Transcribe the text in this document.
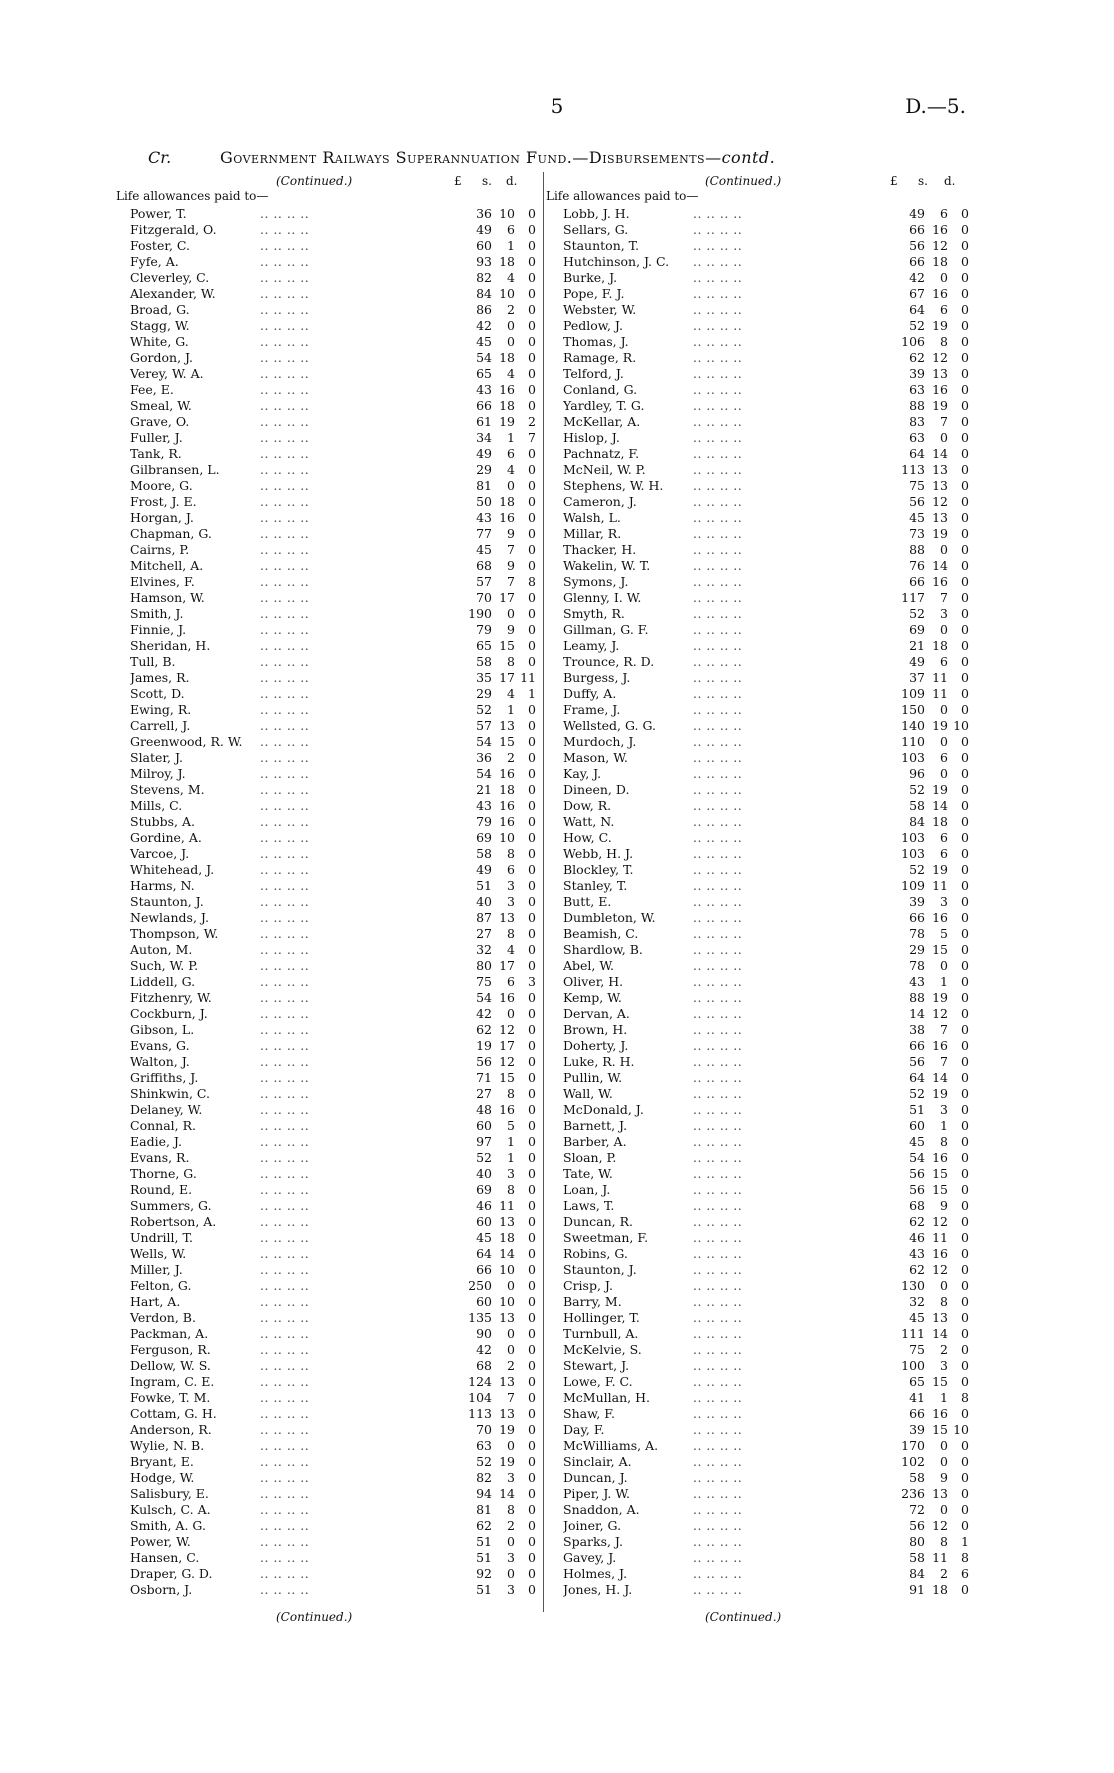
5	D.—5.
Cr.	Government Railways Superannuation Fund.—Disbursements—contd.
(Continued.)	£ s. d.
Life allowances paid to—
(Continued.)	£ s. d.
Life allowances paid to—
Power, T.	.. .. .. ..	36 10	0
Fitzgerald, O.	.. .. .. ..	49	6	0
Foster, C.	.. .. .. ..	60	1	0
Fyfe, A.	.. .. .. ..	93 18	0
Cleverley, C.	.. .. .. ..	82	4	0
Alexander, W.	.. .. .. ..	84 10	0
Broad, G.	.. .. .. ..	86	2	0
Stagg, W.	.. .. .. ..	42	0	0
White, G.	.. .. .. ..	45	0	0
Gordon, J.	.. .. .. ..	54 18	0
Verey, W. A.	.. .. .. ..	65	4	0
Fee, E.	.. .. .. ..	43 16	0
Smeal, W.	.. .. .. ..	66 18	0
Grave, O.	.. .. .. ..	61 19	2
Fuller, J.	.. .. .. ..	34	1	7
Tank, R.	.. .. .. ..	49	6	0
Gilbransen, L.	.. .. .. ..	29	4	0
Moore, G.	.. .. .. ..	81	0	0
Frost, J. E.	.. .. .. ..	50 18	0
Horgan, J.	.. .. .. ..	43 16	0
Chapman, G.	.. .. .. ..	77	9	0
Cairns, P.	.. .. .. ..	45	7	0
Mitchell, A.	.. .. .. ..	68	9	0
Elvines, F.	.. .. .. ..	57	7	8
Hamson, W.	.. .. .. ..	70 17	0
Smith, J.	.. .. .. ..	190	0	0
Finnie, J.	.. .. .. ..	79	9	0
Sheridan, H.	.. .. .. ..	65 15	0
Tull, B.	.. .. .. ..	58	8	0
James, R.	.. .. .. ..	35 17 11
Scott, D.	.. .. .. ..	29	4	1
Ewing, R.	.. .. .. ..	52	1	0
Carrell, J.	.. .. .. ..	57 13	0
Greenwood, R. W.	.. .. .. ..	54 15	0
Slater, J.	.. .. .. ..	36	2	0
Milroy, J.	.. .. .. ..	54 16	0
Stevens, M.	.. .. .. ..	21 18	0
Mills, C.	.. .. .. ..	43 16	0
Stubbs, A.	.. .. .. ..	79 16	0
Gordine, A.	.. .. .. ..	69 10	0
Varcoe, J.	.. .. .. ..	58	8	0
Whitehead, J.	.. .. .. ..	49	6	0
Harms, N.	.. .. .. ..	51	3	0
Staunton, J.	.. .. .. ..	40	3	0
Newlands, J.	.. .. .. ..	87 13	0
Thompson, W.	.. .. .. ..	27	8	0
Auton, M.	.. .. .. ..	32	4	0
Such, W. P.	.. .. .. ..	80 17	0
Liddell, G.	.. .. .. ..	75	6	3
Fitzhenry, W.	.. .. .. ..	54 16	0
Cockburn, J.	.. .. .. ..	42	0	0
Gibson, L.	.. .. .. ..	62 12	0
Evans, G.	.. .. .. ..	19 17	0
Walton, J.	.. .. .. ..	56 12	0
Griffiths, J.	.. .. .. ..	71 15	0
Shinkwin, C.	.. .. .. ..	27	8	0
Delaney, W.	.. .. .. ..	48 16	0
Connal, R.	.. .. .. ..	60	5	0
Eadie, J.	.. .. .. ..	97	1	0
Evans, R.	.. .. .. ..	52	1	0
Thorne, G.	.. .. .. ..	40	3	0
Round, E.	.. .. .. ..	69	8	0
Summers, G.	.. .. .. ..	46 11	0
Robertson, A.	.. .. .. ..	60 13	0
Undrill, T.	.. .. .. ..	45 18	0
Wells, W.	.. .. .. ..	64 14	0
Miller, J.	.. .. .. ..	66 10	0
Felton, G.	.. .. .. ..	250	0	0
Hart, A.	.. .. .. ..	60 10	0
Verdon, B.	.. .. .. ..	135 13	0
Packman, A.	.. .. .. ..	90	0	0
Ferguson, R.	.. .. .. ..	42	0	0
Dellow, W. S.	.. .. .. ..	68	2	0
Ingram, C. E.	.. .. .. ..	124 13	0
Fowke, T. M.	.. .. .. ..	104	7	0
Cottam, G. H.	.. .. .. ..	113 13	0
Anderson, R.	.. .. .. ..	70 19	0
Wylie, N. B.	.. .. .. ..	63	0	0
Bryant, E.	.. .. .. ..	52 19	0
Hodge, W.	.. .. .. ..	82	3	0
Salisbury, E.	.. .. .. ..	94 14	0
Kulsch, C. A.	.. .. .. ..	81	8	0
Smith, A. G.	.. .. .. ..	62	2	0
Power, W.	.. .. .. ..	51	0	0
Hansen, C.	.. .. .. ..	51	3	0
Draper, G. D.	.. .. .. ..	92	0	0
Osborn, J.	.. .. .. ..	51	3	0
Lobb, J. H.	.. .. .. ..	49	6	0
Sellars, G.	.. .. .. ..	66 16	0
Staunton, T.	.. .. .. ..	56 12	0
Hutchinson, J. C.	.. .. .. ..	66 18	0
Burke, J.	.. .. .. ..	42	0	0
Pope, F. J.	.. .. .. ..	67 16	0
Webster, W.	.. .. .. ..	64	6	0
Pedlow, J.	.. .. .. ..	52 19	0
Thomas, J.	.. .. .. ..	106	8	0
Ramage, R.	.. .. .. ..	62 12	0
Telford, J.	.. .. .. ..	39 13	0
Conland, G.	.. .. .. ..	63 16	0
Yardley, T. G.	.. .. .. ..	88 19	0
McKellar, A.	.. .. .. ..	83	7	0
Hislop, J.	.. .. .. ..	63	0	0
Pachnatz, F.	.. .. .. ..	64 14	0
McNeil, W. P.	.. .. .. ..	113 13	0
Stephens, W. H.	.. .. .. ..	75 13	0
Cameron, J.	.. .. .. ..	56 12	0
Walsh, L.	.. .. .. ..	45 13	0
Millar, R.	.. .. .. ..	73 19	0
Thacker, H.	.. .. .. ..	88	0	0
Wakelin, W. T.	.. .. .. ..	76 14	0
Symons, J.	.. .. .. ..	66 16	0
Glenny, I. W.	.. .. .. ..	117	7	0
Smyth, R.	.. .. .. ..	52	3	0
Gillman, G. F.	.. .. .. ..	69	0	0
Leamy, J.	.. .. .. ..	21 18	0
Trounce, R. D.	.. .. .. ..	49	6	0
Burgess, J.	.. .. .. ..	37 11	0
Duffy, A.	.. .. .. ..	109 11	0
Frame, J.	.. .. .. ..	150	0	0
Wellsted, G. G.	.. .. .. ..	140 19 10
Murdoch, J.	.. .. .. ..	110	0	0
Mason, W.	.. .. .. ..	103	6	0
Kay, J.	.. .. .. ..	96	0	0
Dineen, D.	.. .. .. ..	52 19	0
Dow, R.	.. .. .. ..	58 14	0
Watt, N.	.. .. .. ..	84 18	0
How, C.	.. .. .. ..	103	6	0
Webb, H. J.	.. .. .. ..	103	6	0
Blockley, T.	.. .. .. ..	52 19	0
Stanley, T.	.. .. .. ..	109 11	0
Butt, E.	.. .. .. ..	39	3	0
Dumbleton, W.	.. .. .. ..	66 16	0
Beamish, C.	.. .. .. ..	78	5	0
Shardlow, B.	.. .. .. ..	29 15	0
Abel, W.	.. .. .. ..	78	0	0
Oliver, H.	.. .. .. ..	43	1	0
Kemp, W.	.. .. .. ..	88 19	0
Dervan, A.	.. .. .. ..	14 12	0
Brown, H.	.. .. .. ..	38	7	0
Doherty, J.	.. .. .. ..	66 16	0
Luke, R. H.	.. .. .. ..	56	7	0
Pullin, W.	.. .. .. ..	64 14	0
Wall, W.	.. .. .. ..	52 19	0
McDonald, J.	.. .. .. ..	51	3	0
Barnett, J.	.. .. .. ..	60	1	0
Barber, A.	.. .. .. ..	45	8	0
Sloan, P.	.. .. .. ..	54 16	0
Tate, W.	.. .. .. ..	56 15	0
Loan, J.	.. .. .. ..	56 15	0
Laws, T.	.. .. .. ..	68	9	0
Duncan, R.	.. .. .. ..	62 12	0
Sweetman, F.	.. .. .. ..	46 11	0
Robins, G.	.. .. .. ..	43 16	0
Staunton, J.	.. .. .. ..	62 12	0
Crisp, J.	.. .. .. ..	130	0	0
Barry, M.	.. .. .. ..	32	8	0
Hollinger, T.	.. .. .. ..	45 13	0
Turnbull, A.	.. .. .. ..	111 14	0
McKelvie, S.	.. .. .. ..	75	2	0
Stewart, J.	.. .. .. ..	100	3	0
Lowe, F. C.	.. .. .. ..	65 15	0
McMullan, H.	.. .. .. ..	41	1	8
Shaw, F.	.. .. .. ..	66 16	0
Day, F.	.. .. .. ..	39 15 10
McWilliams, A.	.. .. .. ..	170	0	0
Sinclair, A.	.. .. .. ..	102	0	0
Duncan, J.	.. .. .. ..	58	9	0
Piper, J. W.	.. .. .. ..	236 13	0
Snaddon, A.	.. .. .. ..	72	0	0
Joiner, G.	.. .. .. ..	56 12	0
Sparks, J.	.. .. .. ..	80	8	1
Gavey, J.	.. .. .. ..	58 11	8
Holmes, J.	.. .. .. ..	84	2	6
Jones, H. J.	.. .. .. ..	91 18	0
(Continued.)	(Continued.)
